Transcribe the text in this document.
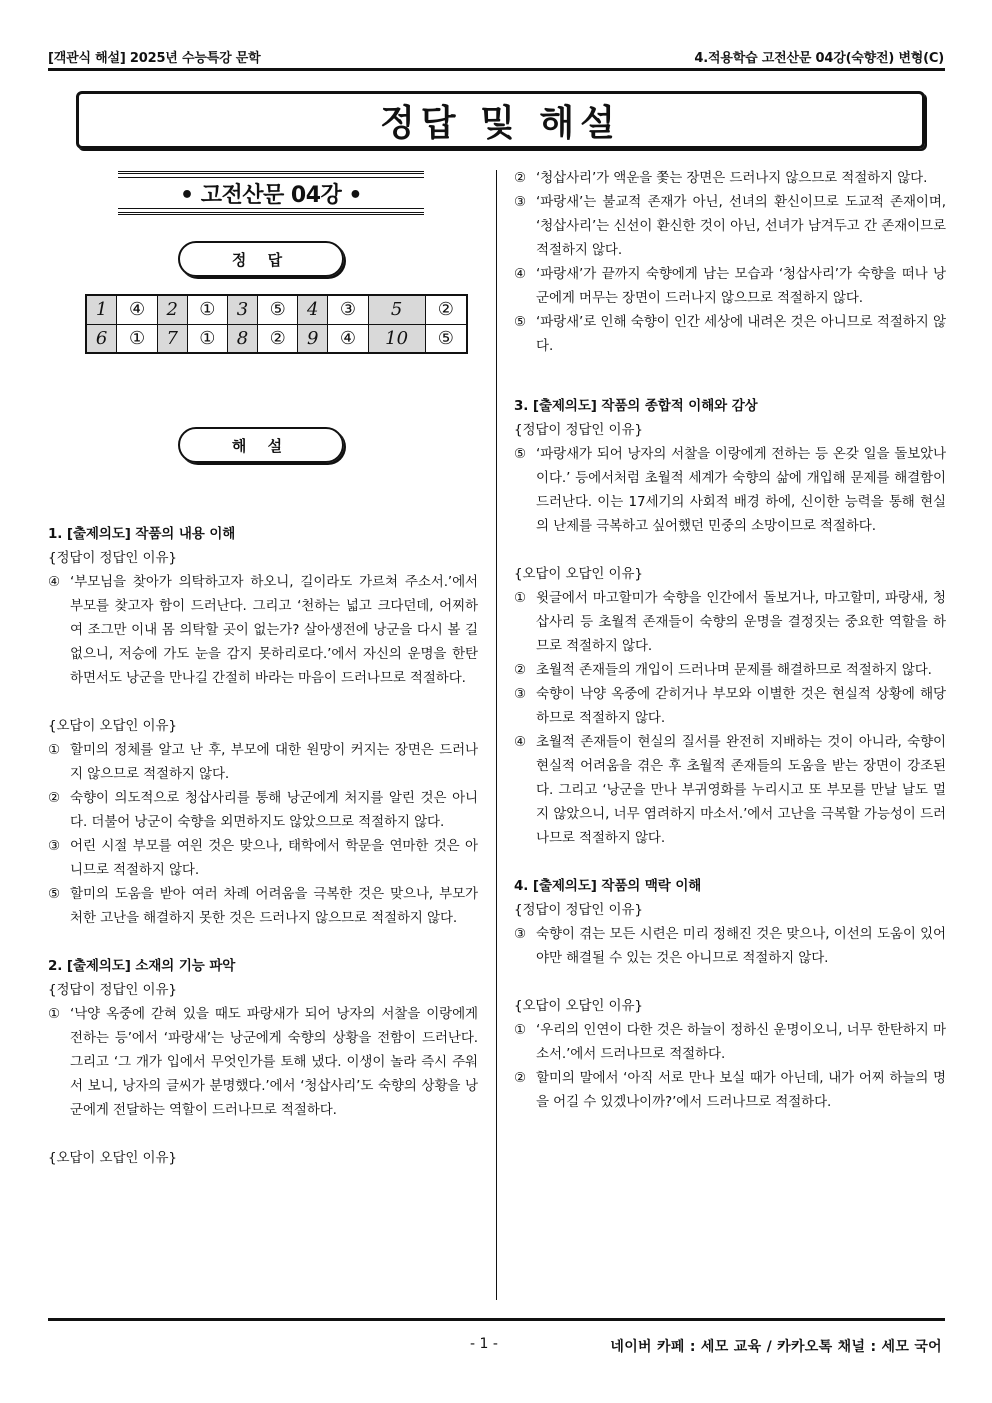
[객관식 해설] 2025년 수능특강 문학	4.적용학습 고전산문 04강(숙향전) 변형(C)
정답 및 해설
• 고전산문 04강 •
정 답
1	④	2	①	3	⑤	4	③	5	②
6	①	7	①	8	②	9	④	10	⑤
해 설
1. [출제의도] 작품의 내용 이해
{정답이 정답인 이유}
④ ‘부모님을 찾아가 의탁하고자 하오니, 길이라도 가르쳐 주소서.’에서 부모를 찾고자 함이 드러난다. 그리고 ‘천하는 넓고 크다던데, 어찌하여 조그만 이내 몸 의탁할 곳이 없는가? 살아생전에 낭군을 다시 볼 길 없으니, 저승에 가도 눈을 감지 못하리로다.’에서 자신의 운명을 한탄하면서도 낭군을 만나길 간절히 바라는 마음이 드러나므로 적절하다.
{오답이 오답인 이유}
① 할미의 정체를 알고 난 후, 부모에 대한 원망이 커지는 장면은 드러나지 않으므로 적절하지 않다.
② 숙향이 의도적으로 청삽사리를 통해 낭군에게 처지를 알린 것은 아니다. 더불어 낭군이 숙향을 외면하지도 않았으므로 적절하지 않다.
③ 어린 시절 부모를 여읜 것은 맞으나, 태학에서 학문을 연마한 것은 아니므로 적절하지 않다.
⑤ 할미의 도움을 받아 여러 차례 어려움을 극복한 것은 맞으나, 부모가 처한 고난을 해결하지 못한 것은 드러나지 않으므로 적절하지 않다.
2. [출제의도] 소재의 기능 파악
{정답이 정답인 이유}
① ‘낙양 옥중에 갇혀 있을 때도 파랑새가 되어 낭자의 서찰을 이랑에게 전하는 등’에서 ‘파랑새’는 낭군에게 숙향의 상황을 전함이 드러난다. 그리고 ‘그 개가 입에서 무엇인가를 토해 냈다. 이생이 놀라 즉시 주워서 보니, 낭자의 글씨가 분명했다.’에서 ‘청삽사리’도 숙향의 상황을 낭군에게 전달하는 역할이 드러나므로 적절하다.
{오답이 오답인 이유}
② ‘청삽사리’가 액운을 쫓는 장면은 드러나지 않으므로 적절하지 않다.
③ ‘파랑새’는 불교적 존재가 아닌, 선녀의 환신이므로 도교적 존재이며, ‘청삽사리’는 신선이 환신한 것이 아닌, 선녀가 남겨두고 간 존재이므로 적절하지 않다.
④ ‘파랑새’가 끝까지 숙향에게 남는 모습과 ‘청삽사리’가 숙향을 떠나 낭군에게 머무는 장면이 드러나지 않으므로 적절하지 않다.
⑤ ‘파랑새’로 인해 숙향이 인간 세상에 내려온 것은 아니므로 적절하지 않다.
3. [출제의도] 작품의 종합적 이해와 감상
{정답이 정답인 이유}
⑤ ‘파랑새가 되어 낭자의 서찰을 이랑에게 전하는 등 온갖 일을 돌보았나이다.’ 등에서처럼 초월적 세계가 숙향의 삶에 개입해 문제를 해결함이 드러난다. 이는 17세기의 사회적 배경 하에, 신이한 능력을 통해 현실의 난제를 극복하고 싶어했던 민중의 소망이므로 적절하다.
{오답이 오답인 이유}
① 윗글에서 마고할미가 숙향을 인간에서 돌보거나, 마고할미, 파랑새, 청삽사리 등 초월적 존재들이 숙향의 운명을 결정짓는 중요한 역할을 하므로 적절하지 않다.
② 초월적 존재들의 개입이 드러나며 문제를 해결하므로 적절하지 않다.
③ 숙향이 낙양 옥중에 갇히거나 부모와 이별한 것은 현실적 상황에 해당하므로 적절하지 않다.
④ 초월적 존재들이 현실의 질서를 완전히 지배하는 것이 아니라, 숙향이 현실적 어려움을 겪은 후 초월적 존재들의 도움을 받는 장면이 강조된다. 그리고 ‘낭군을 만나 부귀영화를 누리시고 또 부모를 만날 날도 멀지 않았으니, 너무 염려하지 마소서.’에서 고난을 극복할 가능성이 드러나므로 적절하지 않다.
4. [출제의도] 작품의 맥락 이해
{정답이 정답인 이유}
③ 숙향이 겪는 모든 시련은 미리 정해진 것은 맞으나, 이선의 도움이 있어야만 해결될 수 있는 것은 아니므로 적절하지 않다.
{오답이 오답인 이유}
① ‘우리의 인연이 다한 것은 하늘이 정하신 운명이오니, 너무 한탄하지 마소서.’에서 드러나므로 적절하다.
② 할미의 말에서 ‘아직 서로 만나 보실 때가 아닌데, 내가 어찌 하늘의 명을 어길 수 있겠나이까?’에서 드러나므로 적절하다.
- 1 -	네이버 카페 : 세모 교육 / 카카오톡 채널 : 세모 국어
